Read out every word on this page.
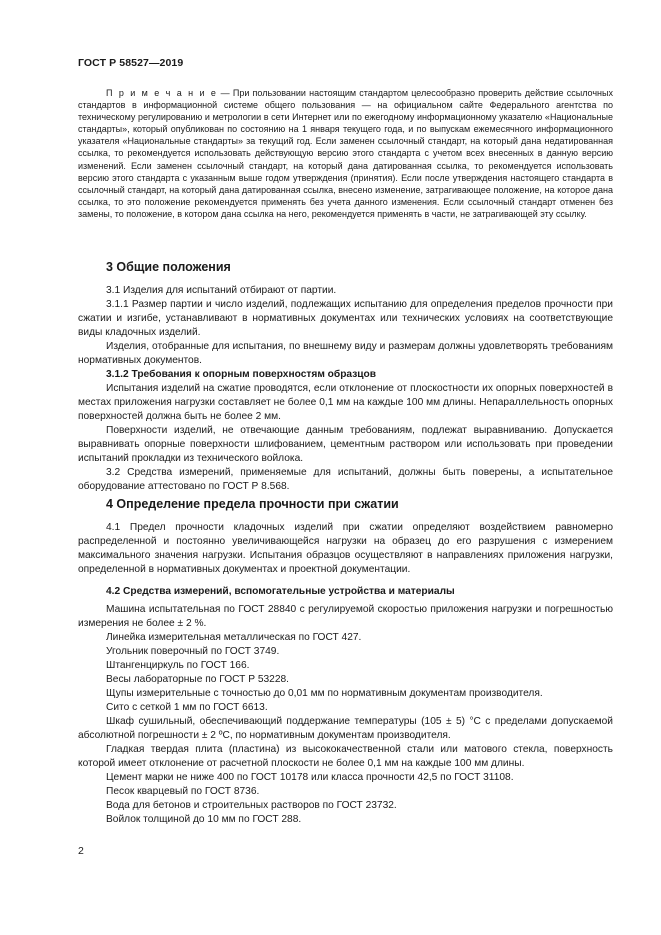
ГОСТ Р 58527—2019

П р и м е ч а н и е — При пользовании настоящим стандартом целесообразно проверить действие ссылочных стандартов в информационной системе общего пользования — на официальном сайте Федерального агентства по техническому регулированию и метрологии в сети Интернет или по ежегодному информационному указателю «Национальные стандарты», который опубликован по состоянию на 1 января текущего года, и по выпускам ежемесячного информационного указателя «Национальные стандарты» за текущий год. Если заменен ссылочный стандарт, на который дана недатированная ссылка, то рекомендуется использовать действующую версию этого стандарта с учетом всех внесенных в данную версию изменений. Если заменен ссылочный стандарт, на который дана датированная ссылка, то рекомендуется использовать версию этого стандарта с указанным выше годом утверждения (принятия). Если после утверждения настоящего стандарта в ссылочный стандарт, на который дана датированная ссылка, внесено изменение, затрагивающее положение, на которое дана ссылка, то это положение рекомендуется применять без учета данного изменения. Если ссылочный стандарт отменен без замены, то положение, в котором дана ссылка на него, рекомендуется применять в части, не затрагивающей эту ссылку.

3 Общие положения

3.1 Изделия для испытаний отбирают от партии.

3.1.1 Размер партии и число изделий, подлежащих испытанию для определения пределов прочности при сжатии и изгибе, устанавливают в нормативных документах или технических условиях на соответствующие виды кладочных изделий.

Изделия, отобранные для испытания, по внешнему виду и размерам должны удовлетворять требованиям нормативных документов.

3.1.2 Требования к опорным поверхностям образцов

Испытания изделий на сжатие проводятся, если отклонение от плоскостности их опорных поверхностей в местах приложения нагрузки составляет не более 0,1 мм на каждые 100 мм длины. Непараллельность опорных поверхностей должна быть не более 2 мм.

Поверхности изделий, не отвечающие данным требованиям, подлежат выравниванию. Допускается выравнивать опорные поверхности шлифованием, цементным раствором или использовать при проведении испытаний прокладки из технического войлока.

3.2 Средства измерений, применяемые для испытаний, должны быть поверены, а испытательное оборудование аттестовано по ГОСТ Р 8.568.

4 Определение предела прочности при сжатии

4.1 Предел прочности кладочных изделий при сжатии определяют воздействием равномерно распределенной и постоянно увеличивающейся нагрузки на образец до его разрушения с измерением максимального значения нагрузки. Испытания образцов осуществляют в направлениях приложения нагрузки, определенной в нормативных документах и проектной документации.

4.2 Средства измерений, вспомогательные устройства и материалы

Машина испытательная по ГОСТ 28840 с регулируемой скоростью приложения нагрузки и погрешностью измерения не более ± 2 %.

Линейка измерительная металлическая по ГОСТ 427.

Угольник поверочный по ГОСТ 3749.

Штангенциркуль по ГОСТ 166.

Весы лабораторные по ГОСТ Р 53228.

Щупы измерительные с точностью до 0,01 мм по нормативным документам производителя.

Сито с сеткой 1 мм по ГОСТ 6613.

Шкаф сушильный, обеспечивающий поддержание температуры (105 ± 5) °С с пределами допускаемой абсолютной погрешности ± 2 ºС, по нормативным документам производителя.

Гладкая твердая плита (пластина) из высококачественной стали или матового стекла, поверхность которой имеет отклонение от расчетной плоскости не более 0,1 мм на каждые 100 мм длины.

Цемент марки не ниже 400 по ГОСТ 10178 или класса прочности 42,5 по ГОСТ 31108.

Песок кварцевый по ГОСТ 8736.

Вода для бетонов и строительных растворов по ГОСТ 23732.

Войлок толщиной до 10 мм по ГОСТ 288.

2
